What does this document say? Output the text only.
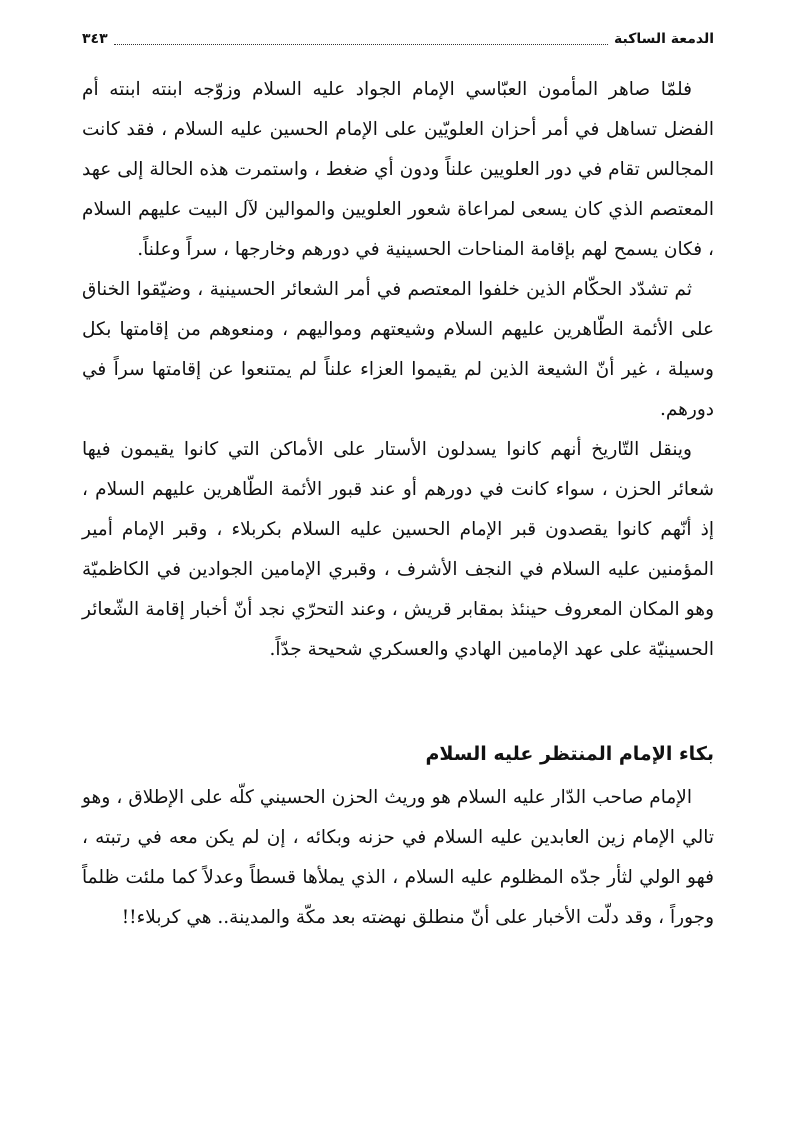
الدمعة الساكبة
٣٤٣

فلمّا صاهر المأمون العبّاسي الإمام الجواد عليه السلام وزوّجه ابنته ابنته أم الفضل تساهل في أمر أحزان العلويّين على الإمام الحسين عليه السلام ، فقد كانت المجالس تقام في دور العلويين علناً ودون أي ضغط ، واستمرت هذه الحالة إلى عهد المعتصم الذي كان يسعى لمراعاة شعور العلويين والموالين لآل البيت عليهم السلام ، فكان يسمح لهم بإقامة المناحات الحسينية في دورهم وخارجها ، سراً وعلناً.

ثم تشدّد الحكّام الذين خلفوا المعتصم في أمر الشعائر الحسينية ، وضيّقوا الخناق على الأئمة الطّاهرين عليهم السلام وشيعتهم ومواليهم ، ومنعوهم من إقامتها بكل وسيلة ، غير أنّ الشيعة الذين لم يقيموا العزاء علناً لم يمتنعوا عن إقامتها سراً في دورهم.

وينقل التّاريخ أنهم كانوا يسدلون الأستار على الأماكن التي كانوا يقيمون فيها شعائر الحزن ، سواء كانت في دورهم أو عند قبور الأئمة الطّاهرين عليهم السلام ، إذ أنّهم كانوا يقصدون قبر الإمام الحسين عليه السلام بكربلاء ، وقبر الإمام أمير المؤمنين عليه السلام في النجف الأشرف ، وقبري الإمامين الجوادين في الكاظميّة وهو المكان المعروف حينئذ بمقابر قريش ، وعند التحرّي نجد أنّ أخبار إقامة الشّعائر الحسينيّة على عهد الإمامين الهادي والعسكري شحيحة جدّاً.

بكاء الإمام المنتظر عليه السلام

الإمام صاحب الدّار عليه السلام هو وريث الحزن الحسيني كلّه على الإطلاق ، وهو تالي الإمام زين العابدين عليه السلام في حزنه وبكائه ، إن لم يكن معه في رتبته ، فهو الولي لثأر جدّه المظلوم عليه السلام ، الذي يملأها قسطاً وعدلاً كما ملئت ظلماً وجوراً ، وقد دلّت الأخبار على أنّ منطلق نهضته بعد مكّة والمدينة.. هي كربلاء!!
